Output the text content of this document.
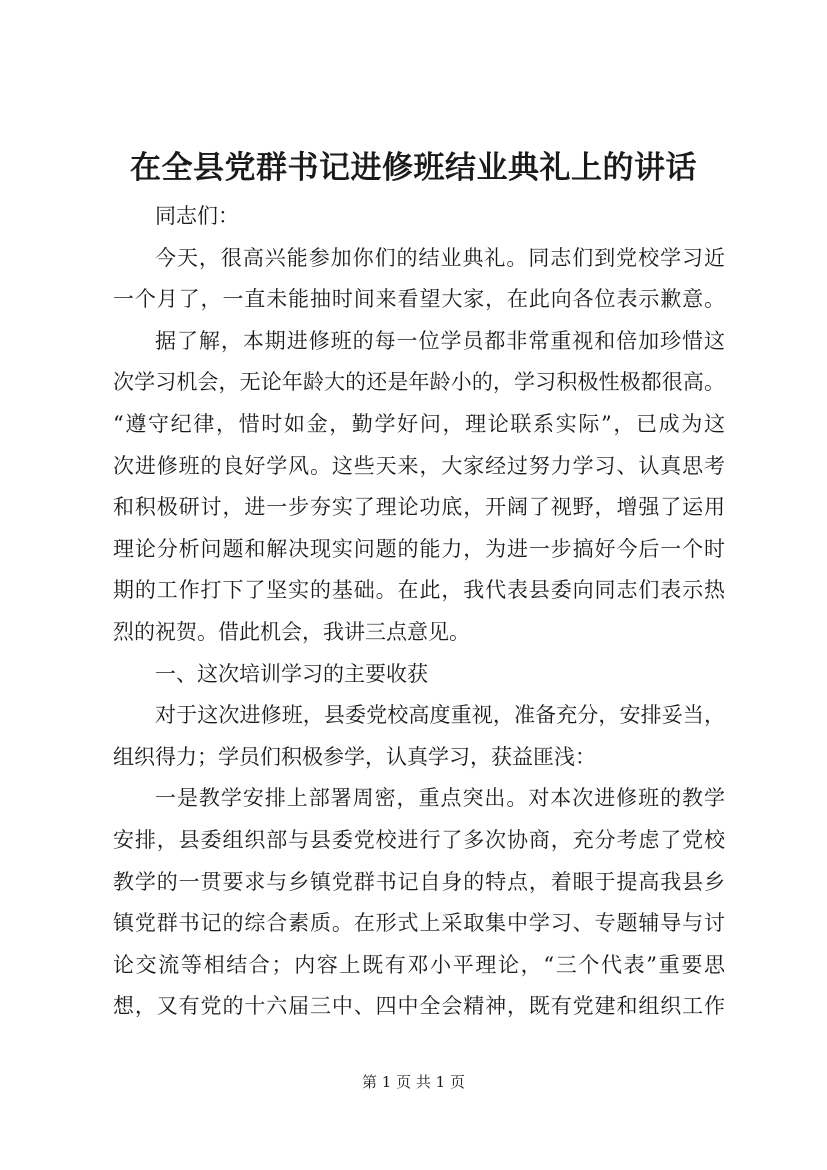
在全县党群书记进修班结业典礼上的讲话
同志们：
今天，很高兴能参加你们的结业典礼。同志们到党校学习近
一个月了，一直未能抽时间来看望大家，在此向各位表示歉意。
据了解，本期进修班的每一位学员都非常重视和倍加珍惜这
次学习机会，无论年龄大的还是年龄小的，学习积极性极都很高。
“遵守纪律，惜时如金，勤学好问，理论联系实际”，已成为这
次进修班的良好学风。这些天来，大家经过努力学习、认真思考
和积极研讨，进一步夯实了理论功底，开阔了视野，增强了运用
理论分析问题和解决现实问题的能力，为进一步搞好今后一个时
期的工作打下了坚实的基础。在此，我代表县委向同志们表示热
烈的祝贺。借此机会，我讲三点意见。
一、这次培训学习的主要收获
对于这次进修班，县委党校高度重视，准备充分，安排妥当，
组织得力；学员们积极参学，认真学习，获益匪浅：
一是教学安排上部署周密，重点突出。对本次进修班的教学
安排，县委组织部与县委党校进行了多次协商，充分考虑了党校
教学的一贯要求与乡镇党群书记自身的特点，着眼于提高我县乡
镇党群书记的综合素质。在形式上采取集中学习、专题辅导与讨
论交流等相结合；内容上既有邓小平理论，“三个代表”重要思
想，又有党的十六届三中、四中全会精神，既有党建和组织工作
第 1 页 共 1 页
